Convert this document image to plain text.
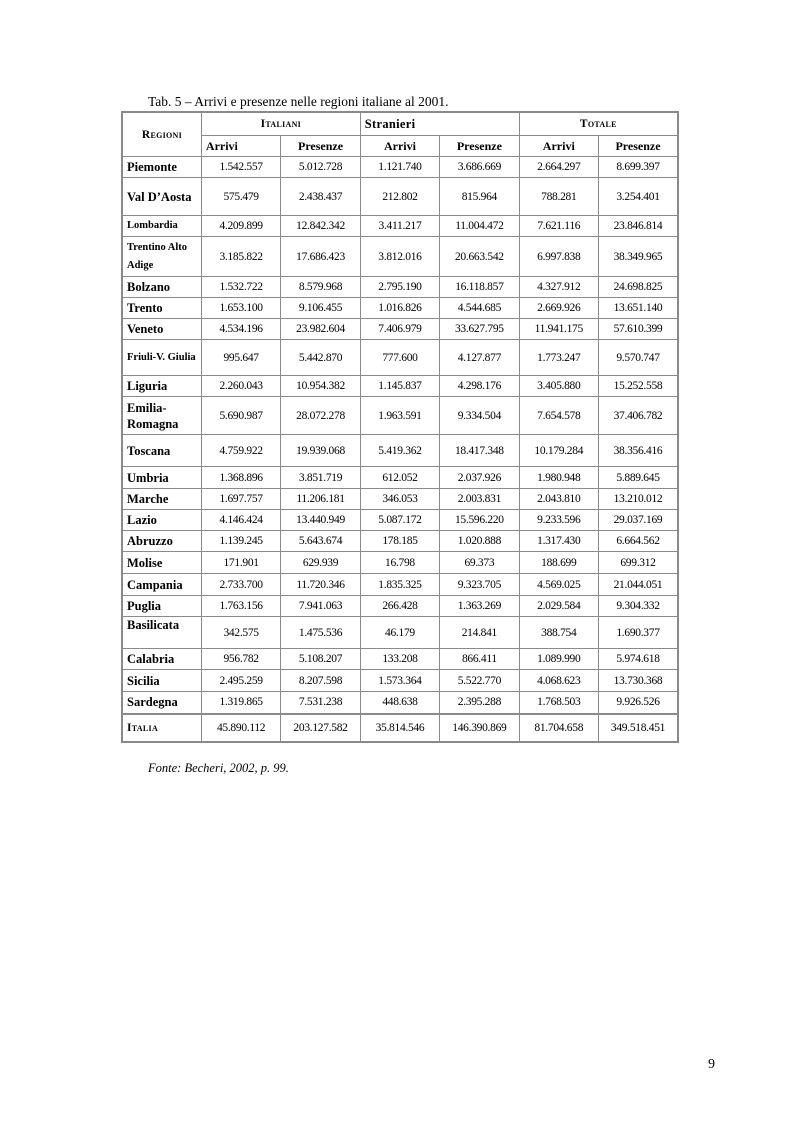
Tab. 5 – Arrivi e presenze nelle regioni italiane al 2001.
Regioni	Italiani		Stranieri		Totale	
	Arrivi	Presenze	Arrivi	Presenze	Arrivi	Presenze
Piemonte	1.542.557	5.012.728	1.121.740	3.686.669	2.664.297	8.699.397
Val D’Aosta	575.479	2.438.437	212.802	815.964	788.281	3.254.401
Lombardia	4.209.899	12.842.342	3.411.217	11.004.472	7.621.116	23.846.814
Trentino Alto Adige	3.185.822	17.686.423	3.812.016	20.663.542	6.997.838	38.349.965
Bolzano	1.532.722	8.579.968	2.795.190	16.118.857	4.327.912	24.698.825
Trento	1.653.100	9.106.455	1.016.826	4.544.685	2.669.926	13.651.140
Veneto	4.534.196	23.982.604	7.406.979	33.627.795	11.941.175	57.610.399
Friuli-V. Giulia	995.647	5.442.870	777.600	4.127.877	1.773.247	9.570.747
Liguria	2.260.043	10.954.382	1.145.837	4.298.176	3.405.880	15.252.558
Emilia-Romagna	5.690.987	28.072.278	1.963.591	9.334.504	7.654.578	37.406.782
Toscana	4.759.922	19.939.068	5.419.362	18.417.348	10.179.284	38.356.416
Umbria	1.368.896	3.851.719	612.052	2.037.926	1.980.948	5.889.645
Marche	1.697.757	11.206.181	346.053	2.003.831	2.043.810	13.210.012
Lazio	4.146.424	13.440.949	5.087.172	15.596.220	9.233.596	29.037.169
Abruzzo	1.139.245	5.643.674	178.185	1.020.888	1.317.430	6.664.562
Molise	171.901	629.939	16.798	69.373	188.699	699.312
Campania	2.733.700	11.720.346	1.835.325	9.323.705	4.569.025	21.044.051
Puglia	1.763.156	7.941.063	266.428	1.363.269	2.029.584	9.304.332
Basilicata	342.575	1.475.536	46.179	214.841	388.754	1.690.377
Calabria	956.782	5.108.207	133.208	866.411	1.089.990	5.974.618
Sicilia	2.495.259	8.207.598	1.573.364	5.522.770	4.068.623	13.730.368
Sardegna	1.319.865	7.531.238	448.638	2.395.288	1.768.503	9.926.526
Italia	45.890.112	203.127.582	35.814.546	146.390.869	81.704.658	349.518.451
Fonte: Becheri, 2002, p. 99.
9
